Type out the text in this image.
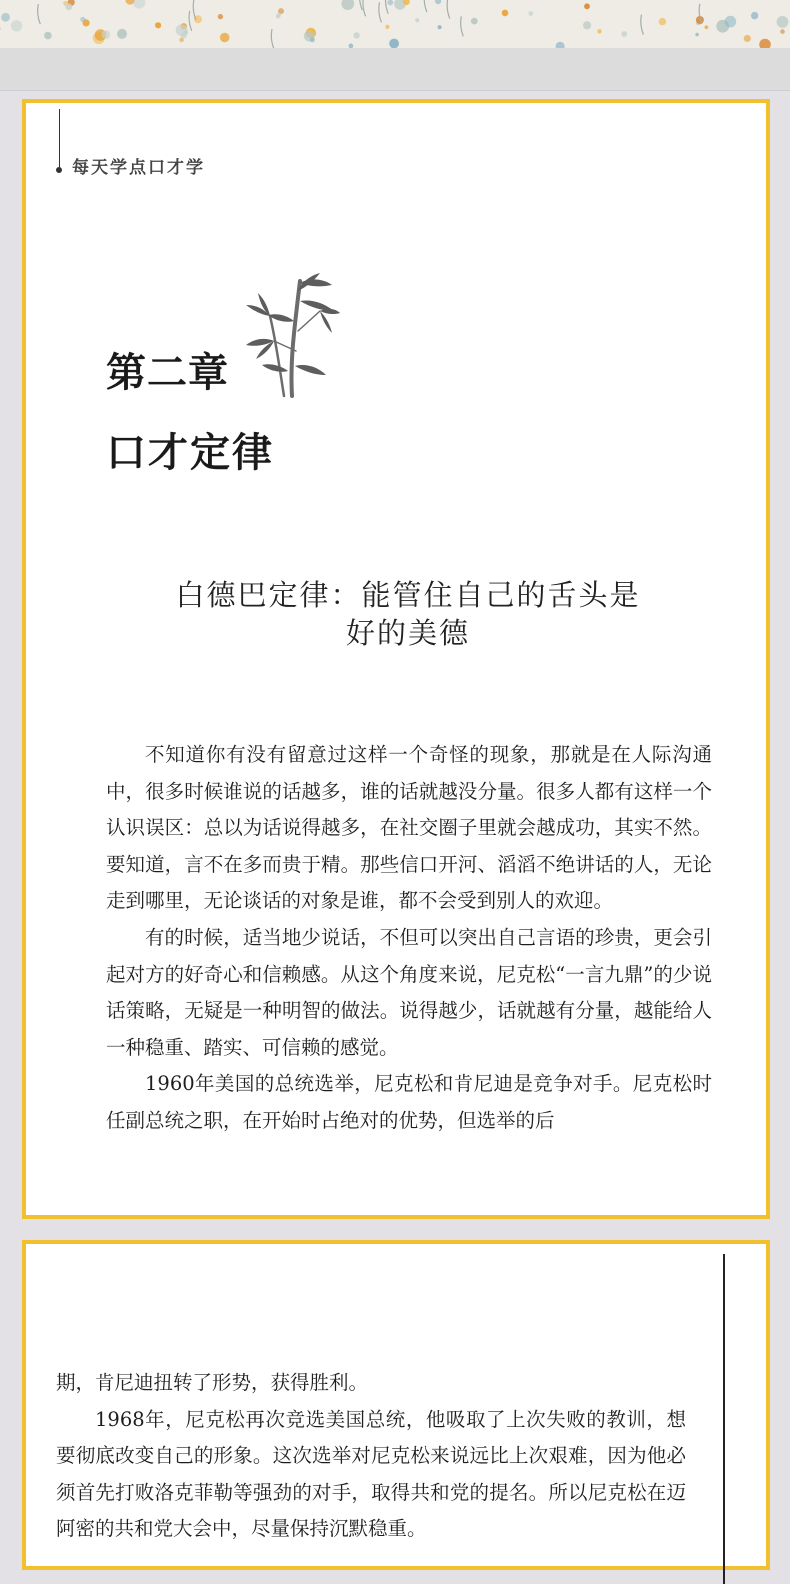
每天学点口才学
第二章
口才定律
白德巴定律：能管住自己的舌头是
好的美德

不知道你有没有留意过这样一个奇怪的现象，那就是在人际沟通中，很多时候谁说的话越多，谁的话就越没分量。很多人都有这样一个认识误区：总以为话说得越多，在社交圈子里就会越成功，其实不然。要知道，言不在多而贵于精。那些信口开河、滔滔不绝讲话的人，无论走到哪里，无论谈话的对象是谁，都不会受到别人的欢迎。

有的时候，适当地少说话，不但可以突出自己言语的珍贵，更会引起对方的好奇心和信赖感。从这个角度来说，尼克松“一言九鼎”的少说话策略，无疑是一种明智的做法。说得越少，话就越有分量，越能给人一种稳重、踏实、可信赖的感觉。

1960年美国的总统选举，尼克松和肯尼迪是竞争对手。尼克松时任副总统之职，在开始时占绝对的优势，但选举的后

期，肯尼迪扭转了形势，获得胜利。

1968年，尼克松再次竞选美国总统，他吸取了上次失败的教训，想要彻底改变自己的形象。这次选举对尼克松来说远比上次艰难，因为他必须首先打败洛克菲勒等强劲的对手，取得共和党的提名。所以尼克松在迈阿密的共和党大会中，尽量保持沉默稳重。
